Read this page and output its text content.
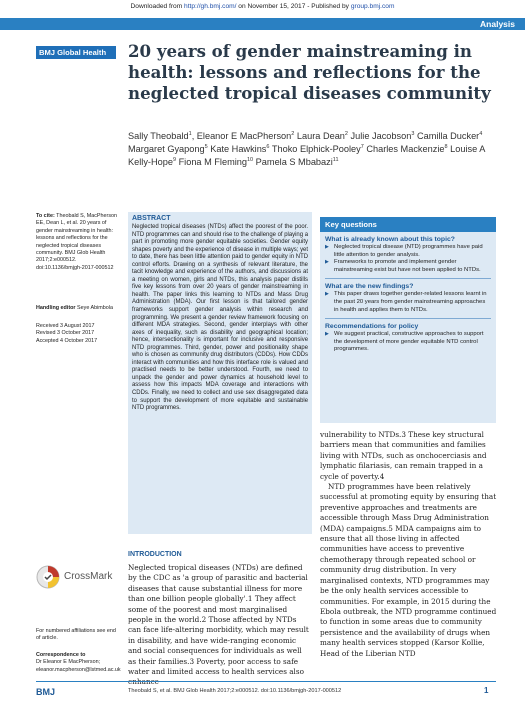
Downloaded from http://gh.bmj.com/ on November 15, 2017 - Published by group.bmj.com
Analysis
BMJ Global Health	20 years of gender mainstreaming in health: lessons and reflections for the neglected tropical diseases community
Sally Theobald$^1$, Eleanor E MacPherson$^2$ Laura Dean$^2$ Julie Jacobson$^3$ Camilla Ducker$^4$ Margaret Gyapong$^5$ Kate Hawkins$^6$ Thoko Elphick-Pooley$^7$ Charles Mackenzie$^8$ Louise A Kelly-Hope$^9$ Fiona M Fleming$^{10}$ Pamela S Mbabazi$^{11}$
To cite: Theobald S, MacPherson EE, Dean L, et al. 20 years of gender mainstreaming in health: lessons and reflections for the neglected tropical diseases community. BMJ Glob Health 2017;2:e000512. doi:10.1136/bmjgh-2017-000512
Handling editor Seye Abimbola
Received 3 August 2017
Revised 3 October 2017
Accepted 4 October 2017
CrossMark
For numbered affiliations see end of article.
Correspondence to
Dr Eleanor E MacPherson; eleanor.macpherson@lstmed.ac.uk
ABSTRACT
Neglected tropical diseases (NTDs) affect the poorest of the poor. NTD programmes can and should rise to the challenge of playing a part in promoting more gender equitable societies. Gender equity shapes poverty and the experience of disease in multiple ways; yet to date, there has been little attention paid to gender equity in NTD control efforts. Drawing on a synthesis of relevant literature, the tacit knowledge and experience of the authors, and discussions at a meeting on women, girls and NTDs, this analysis paper distills five key lessons from over 20 years of gender mainstreaming in health. The paper links this learning to NTDs and Mass Drug Administration (MDA). Our first lesson is that tailored gender frameworks support gender analysis within research and programming. We present a gender review framework focusing on different MDA strategies. Second, gender interplays with other axes of inequality, such as disability and geographical location; hence, intersectionality is important for inclusive and responsive NTD programmes. Third, gender, power and positionality shape who is chosen as community drug distributors (CDDs). How CDDs interact with communities and how this interface role is valued and practised needs to be better understood. Fourth, we need to unpack the gender and power dynamics at household level to assess how this impacts MDA coverage and interactions with CDDs. Finally, we need to collect and use sex disaggregated data to support the development of more equitable and sustainable NTD programmes.
Key questions
What is already known about this topic?
▶ Neglected tropical disease (NTD) programmes have paid little attention to gender analysis.
▶ Frameworks to promote and implement gender mainstreaming exist but have not been applied to NTDs.
What are the new findings?
▶ This paper draws together gender-related lessons learnt in the past 20 years from gender mainstreaming approaches in health and applies them to NTDs.
Recommendations for policy
▶ We suggest practical, constructive approaches to support the development of more gender equitable NTD control programmes.
INTRODUCTION
Neglected tropical diseases (NTDs) are defined by the CDC as 'a group of parasitic and bacterial diseases that cause substantial illness for more than one billion people globally'.1 They affect some of the poorest and most marginalised people in the world.2 Those affected by NTDs can face life-altering morbidity, which may result in disability, and have wide-ranging economic and social consequences for individuals as well as their families.3 Poverty, poor access to safe water and limited access to health services also

vulnerability to NTDs.3 These key structural barriers mean that communities and families living with NTDs, such as onchocerciasis and lymphatic filariasis, can remain trapped in a cycle of poverty.4

NTD programmes have been relatively successful at promoting equity by ensuring that preventive approaches and treatments are accessible through Mass Drug Administration (MDA) campaigns.5 MDA campaigns aim to ensure that all those living in affected communities have access to preventive chemotherapy through repeated school or community drug distribution. In very marginalised contexts, NTD programmes may be the only health services accessible to communities. For example, in 2015 during the Ebola outbreak, the NTD programme continued to function in some areas due to community persistence and the availability of drugs when many health services stopped (Karsor Kollie, Head of the Liberian NTD

BMJ	Theobald S, et al. BMJ Glob Health 2017;2:e000512. doi:10.1136/bmjgh-2017-000512	1
